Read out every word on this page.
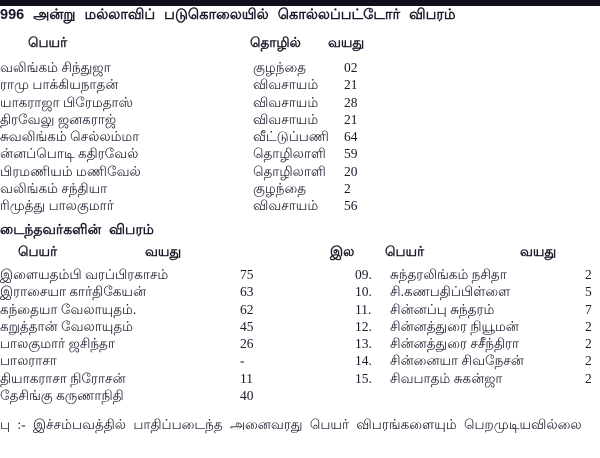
996 அன்று மல்லாவிப் படுகொலையில் கொல்லப்பட்டோர் விபரம்
பெயர்	தொழில் வயது
வலிங்கம் சிந்துஜா	குழந்தை	02
ராமு பாக்கியநாதன்	விவசாயம் 21
யாகராஜா பிரேமதாஸ்	விவசாயம் 28
திரவேலு ஜனகராஜ்	விவசாயம் 21
சுவலிங்கம் செல்லம்மா	வீட்டுப்பணி 64
ன்னப்பொடி கதிரவேல்	தொழிலாளி 59
பிரமணியம் மணிவேல்	தொழிலாளி 20
வலிங்கம் சந்தியா	குழந்தை	2
ரிமுத்து பாலகுமார்	விவசாயம் 56
டைந்தவர்களின் விபரம்
பெயர்	வயது	இல பெயர்	வயது
இளையதம்பி வரப்பிரகாசம்	75
இராசையா கார்திகேயன்	63
கந்தையா வேலாயுதம்.	62
கறுத்தான் வேலாயுதம்	45
பாலகுமார் ஜசிந்தா	26
பாலராசா	-
தியாகராசா நிரோசன்	11
தேசிங்கு கருணாநிதி	40
09. சுந்தரலிங்கம் நசிதா	2
10. சி.கணபதிப்பிள்ளை	5
11. சின்னப்பு சுந்தரம்	7
12. சின்னத்துரை நியூமன்	2
13. சின்னத்துரை சசீந்திரா	2
14. சின்னையா சிவநேசன்	2
15. சிவபாதம் சுகன்ஜா	2
பு :- இச்சம்பவத்தில் பாதிப்படைந்த அனைவரது பெயர் விபரங்களையும் பெறமுடியவில்லை
